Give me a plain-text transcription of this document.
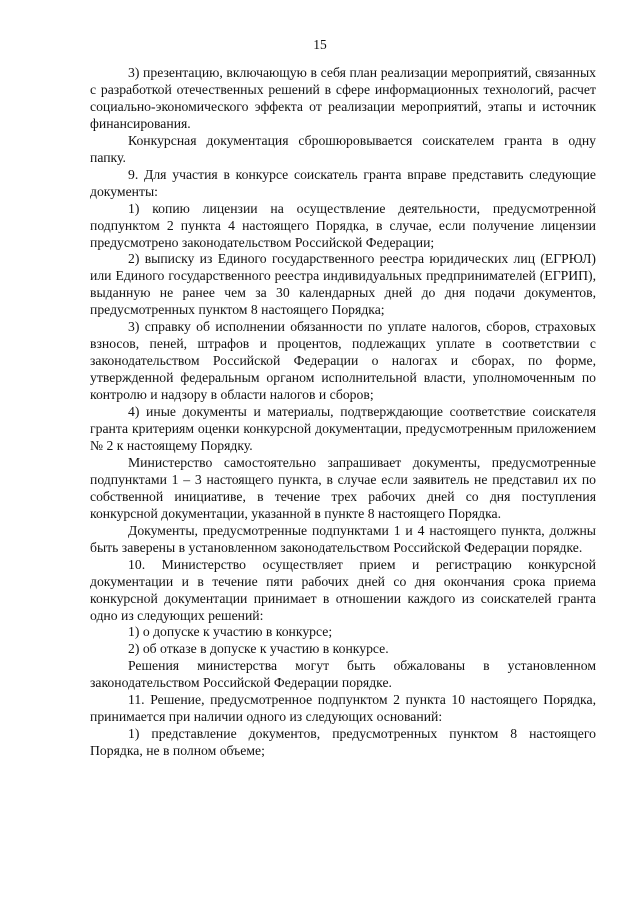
15

3) презентацию, включающую в себя план реализации мероприятий, связанных с разработкой отечественных решений в сфере информационных технологий, расчет социально-экономического эффекта от реализации мероприятий, этапы и источник финансирования.

Конкурсная документация сброшюровывается соискателем гранта в одну папку.

9. Для участия в конкурсе соискатель гранта вправе представить следующие документы:

1) копию лицензии на осуществление деятельности, предусмотренной подпунктом 2 пункта 4 настоящего Порядка, в случае, если получение лицензии предусмотрено законодательством Российской Федерации;

2) выписку из Единого государственного реестра юридических лиц (ЕГРЮЛ) или Единого государственного реестра индивидуальных предпринимателей (ЕГРИП), выданную не ранее чем за 30 календарных дней до дня подачи документов, предусмотренных пунктом 8 настоящего Порядка;

3) справку об исполнении обязанности по уплате налогов, сборов, страховых взносов, пеней, штрафов и процентов, подлежащих уплате в соответствии с законодательством Российской Федерации о налогах и сборах, по форме, утвержденной федеральным органом исполнительной власти, уполномоченным по контролю и надзору в области налогов и сборов;

4) иные документы и материалы, подтверждающие соответствие соискателя гранта критериям оценки конкурсной документации, предусмотренным приложением № 2 к настоящему Порядку.

Министерство самостоятельно запрашивает документы, предусмотренные подпунктами 1 – 3 настоящего пункта, в случае если заявитель не представил их по собственной инициативе, в течение трех рабочих дней со дня поступления конкурсной документации, указанной в пункте 8 настоящего Порядка.

Документы, предусмотренные подпунктами 1 и 4 настоящего пункта, должны быть заверены в установленном законодательством Российской Федерации порядке.

10. Министерство осуществляет прием и регистрацию конкурсной документации и в течение пяти рабочих дней со дня окончания срока приема конкурсной документации принимает в отношении каждого из соискателей гранта одно из следующих решений:

1) о допуске к участию в конкурсе;

2) об отказе в допуске к участию в конкурсе.

Решения министерства могут быть обжалованы в установленном законодательством Российской Федерации порядке.

11. Решение, предусмотренное подпунктом 2 пункта 10 настоящего Порядка, принимается при наличии одного из следующих оснований:

1) представление документов, предусмотренных пунктом 8 настоящего Порядка, не в полном объеме;
